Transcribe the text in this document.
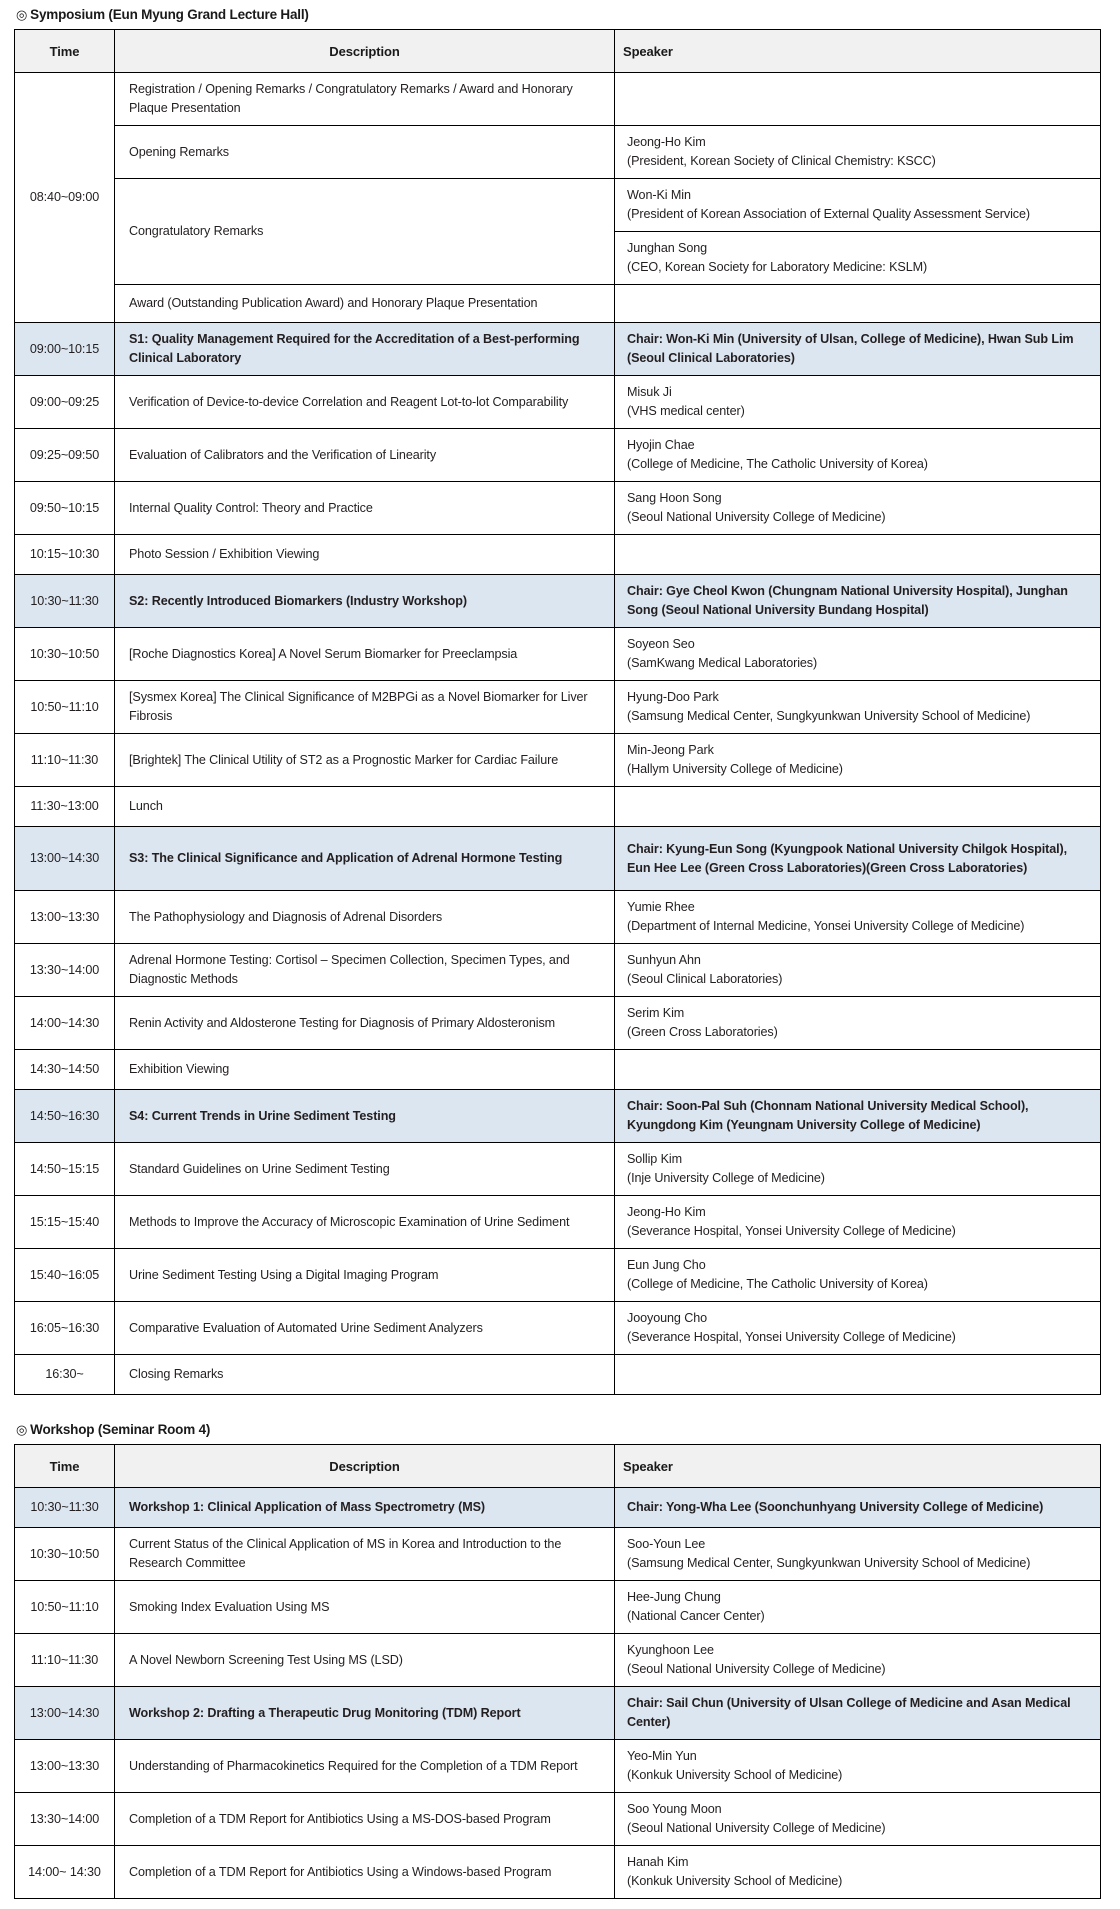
◎ Symposium (Eun Myung Grand Lecture Hall)
Time	Description	Speaker
08:40~09:00	Registration / Opening Remarks / Congratulatory Remarks / Award and Honorary Plaque Presentation	
	Opening Remarks	Jeong-Ho Kim
(President, Korean Society of Clinical Chemistry: KSCC)

	Congratulatory Remarks	Won-Ki Min
(President of Korean Association of External Quality Assessment Service)

		Junghan Song
(CEO, Korean Society for Laboratory Medicine: KSLM)

	Award (Outstanding Publication Award) and Honorary Plaque Presentation	
09:00~10:15	S1: Quality Management Required for the Accreditation of a Best-performing Clinical Laboratory	Chair: Won-Ki Min (University of Ulsan, College of Medicine), Hwan Sub Lim (Seoul Clinical Laboratories)
09:00~09:25	Verification of Device-to-device Correlation and Reagent Lot-to-lot Comparability	Misuk Ji
(VHS medical center)

09:25~09:50	Evaluation of Calibrators and the Verification of Linearity	Hyojin Chae
(College of Medicine, The Catholic University of Korea)

09:50~10:15	Internal Quality Control: Theory and Practice	Sang Hoon Song
(Seoul National University College of Medicine)

10:15~10:30	Photo Session / Exhibition Viewing	
10:30~11:30	S2: Recently Introduced Biomarkers (Industry Workshop)	Chair: Gye Cheol Kwon (Chungnam National University Hospital), Junghan Song (Seoul National University Bundang Hospital)
10:30~10:50	[Roche Diagnostics Korea] A Novel Serum Biomarker for Preeclampsia	Soyeon Seo
(SamKwang Medical Laboratories)

10:50~11:10	[Sysmex Korea] The Clinical Significance of M2BPGi as a Novel Biomarker for Liver Fibrosis	Hyung-Doo Park
(Samsung Medical Center, Sungkyunkwan University School of Medicine)

11:10~11:30	[Brightek] The Clinical Utility of ST2 as a Prognostic Marker for Cardiac Failure	Min-Jeong Park
(Hallym University College of Medicine)

11:30~13:00	Lunch	
13:00~14:30	S3: The Clinical Significance and Application of Adrenal Hormone Testing	Chair: Kyung-Eun Song (Kyungpook National University Chilgok Hospital), Eun Hee Lee (Green Cross Laboratories)(Green Cross Laboratories)
13:00~13:30	The Pathophysiology and Diagnosis of Adrenal Disorders	Yumie Rhee
(Department of Internal Medicine, Yonsei University College of Medicine)

13:30~14:00	Adrenal Hormone Testing: Cortisol – Specimen Collection, Specimen Types, and Diagnostic Methods	Sunhyun Ahn
(Seoul Clinical Laboratories)

14:00~14:30	Renin Activity and Aldosterone Testing for Diagnosis of Primary Aldosteronism	Serim Kim
(Green Cross Laboratories)

14:30~14:50	Exhibition Viewing	
14:50~16:30	S4: Current Trends in Urine Sediment Testing	Chair: Soon-Pal Suh (Chonnam National University Medical School), Kyungdong Kim (Yeungnam University College of Medicine)
14:50~15:15	Standard Guidelines on Urine Sediment Testing	Sollip Kim
(Inje University College of Medicine)

15:15~15:40	Methods to Improve the Accuracy of Microscopic Examination of Urine Sediment	Jeong-Ho Kim
(Severance Hospital, Yonsei University College of Medicine)

15:40~16:05	Urine Sediment Testing Using a Digital Imaging Program	Eun Jung Cho
(College of Medicine, The Catholic University of Korea)

16:05~16:30	Comparative Evaluation of Automated Urine Sediment Analyzers	Jooyoung Cho
(Severance Hospital, Yonsei University College of Medicine)

16:30~	Closing Remarks	
◎ Workshop (Seminar Room 4)
Time	Description	Speaker
10:30~11:30	Workshop 1: Clinical Application of Mass Spectrometry (MS)	Chair: Yong-Wha Lee (Soonchunhyang University College of Medicine)
10:30~10:50	Current Status of the Clinical Application of MS in Korea and Introduction to the Research Committee	Soo-Youn Lee
(Samsung Medical Center, Sungkyunkwan University School of Medicine)

10:50~11:10	Smoking Index Evaluation Using MS	Hee-Jung Chung
(National Cancer Center)

11:10~11:30	A Novel Newborn Screening Test Using MS (LSD)	Kyunghoon Lee
(Seoul National University College of Medicine)

13:00~14:30	Workshop 2: Drafting a Therapeutic Drug Monitoring (TDM) Report	Chair: Sail Chun (University of Ulsan College of Medicine and Asan Medical Center)
13:00~13:30	Understanding of Pharmacokinetics Required for the Completion of a TDM Report	Yeo-Min Yun
(Konkuk University School of Medicine)

13:30~14:00	Completion of a TDM Report for Antibiotics Using a MS-DOS-based Program	Soo Young Moon
(Seoul National University College of Medicine)

14:00~ 14:30	Completion of a TDM Report for Antibiotics Using a Windows-based Program	Hanah Kim
(Konkuk University School of Medicine)
